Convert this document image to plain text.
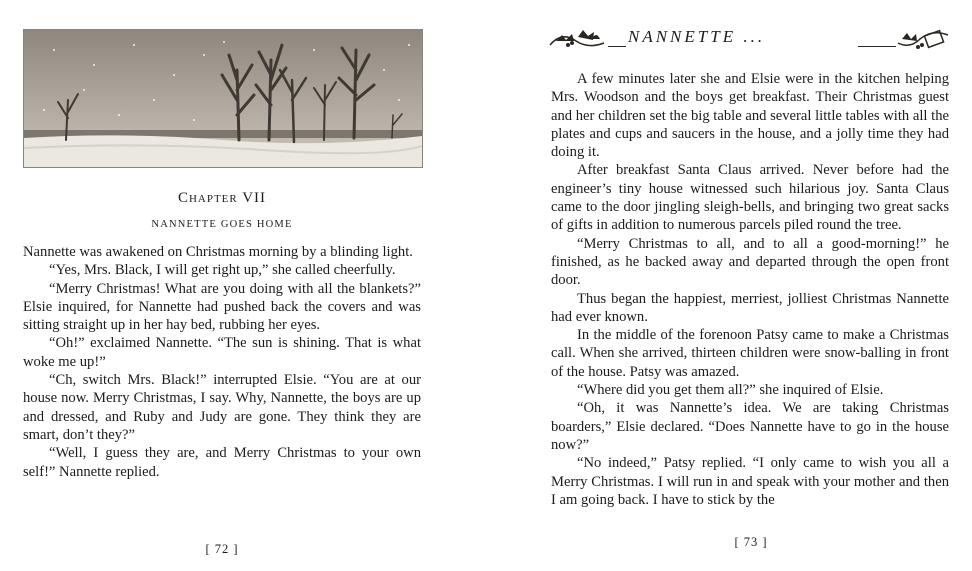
Chapter VII
NANNETTE GOES HOME

Nannette was awakened on Christmas morning by a blinding light.

“Yes, Mrs. Black, I will get right up,” she called cheerfully.

“Merry Christmas! What are you doing with all the blankets?” Elsie inquired, for Nannette had pushed back the covers and was sitting straight up in her hay bed, rubbing her eyes.

“Oh!” exclaimed Nannette. “The sun is shining. That is what woke me up!”

“Ch, switch Mrs. Black!” interrupted Elsie. “You are at our house now. Merry Christmas, I say. Why, Nannette, the boys are up and dressed, and Ruby and Judy are gone. They think they are smart, don’t they?”

“Well, I guess they are, and Merry Christmas to your own self!” Nannette replied.

[ 72 ]
NANNETTE ...

A few minutes later she and Elsie were in the kitchen helping Mrs. Woodson and the boys get breakfast. Their Christmas guest and her children set the big table and several little tables with all the plates and cups and saucers in the house, and a jolly time they had doing it.

After breakfast Santa Claus arrived. Never before had the engineer’s tiny house witnessed such hilarious joy. Santa Claus came to the door jingling sleigh-bells, and bringing two great sacks of gifts in addition to numerous parcels piled round the tree.

“Merry Christmas to all, and to all a good-morning!” he finished, as he backed away and departed through the open front door.

Thus began the happiest, merriest, jolliest Christmas Nannette had ever known.

In the middle of the forenoon Patsy came to make a Christmas call. When she arrived, thirteen children were snow-balling in front of the house. Patsy was amazed.

“Where did you get them all?” she inquired of Elsie.

“Oh, it was Nannette’s idea. We are taking Christmas boarders,” Elsie declared. “Does Nannette have to go in the house now?”

“No indeed,” Patsy replied. “I only came to wish you all a Merry Christmas. I will run in and speak with your mother and then I am going back. I have to stick by the

[ 73 ]
